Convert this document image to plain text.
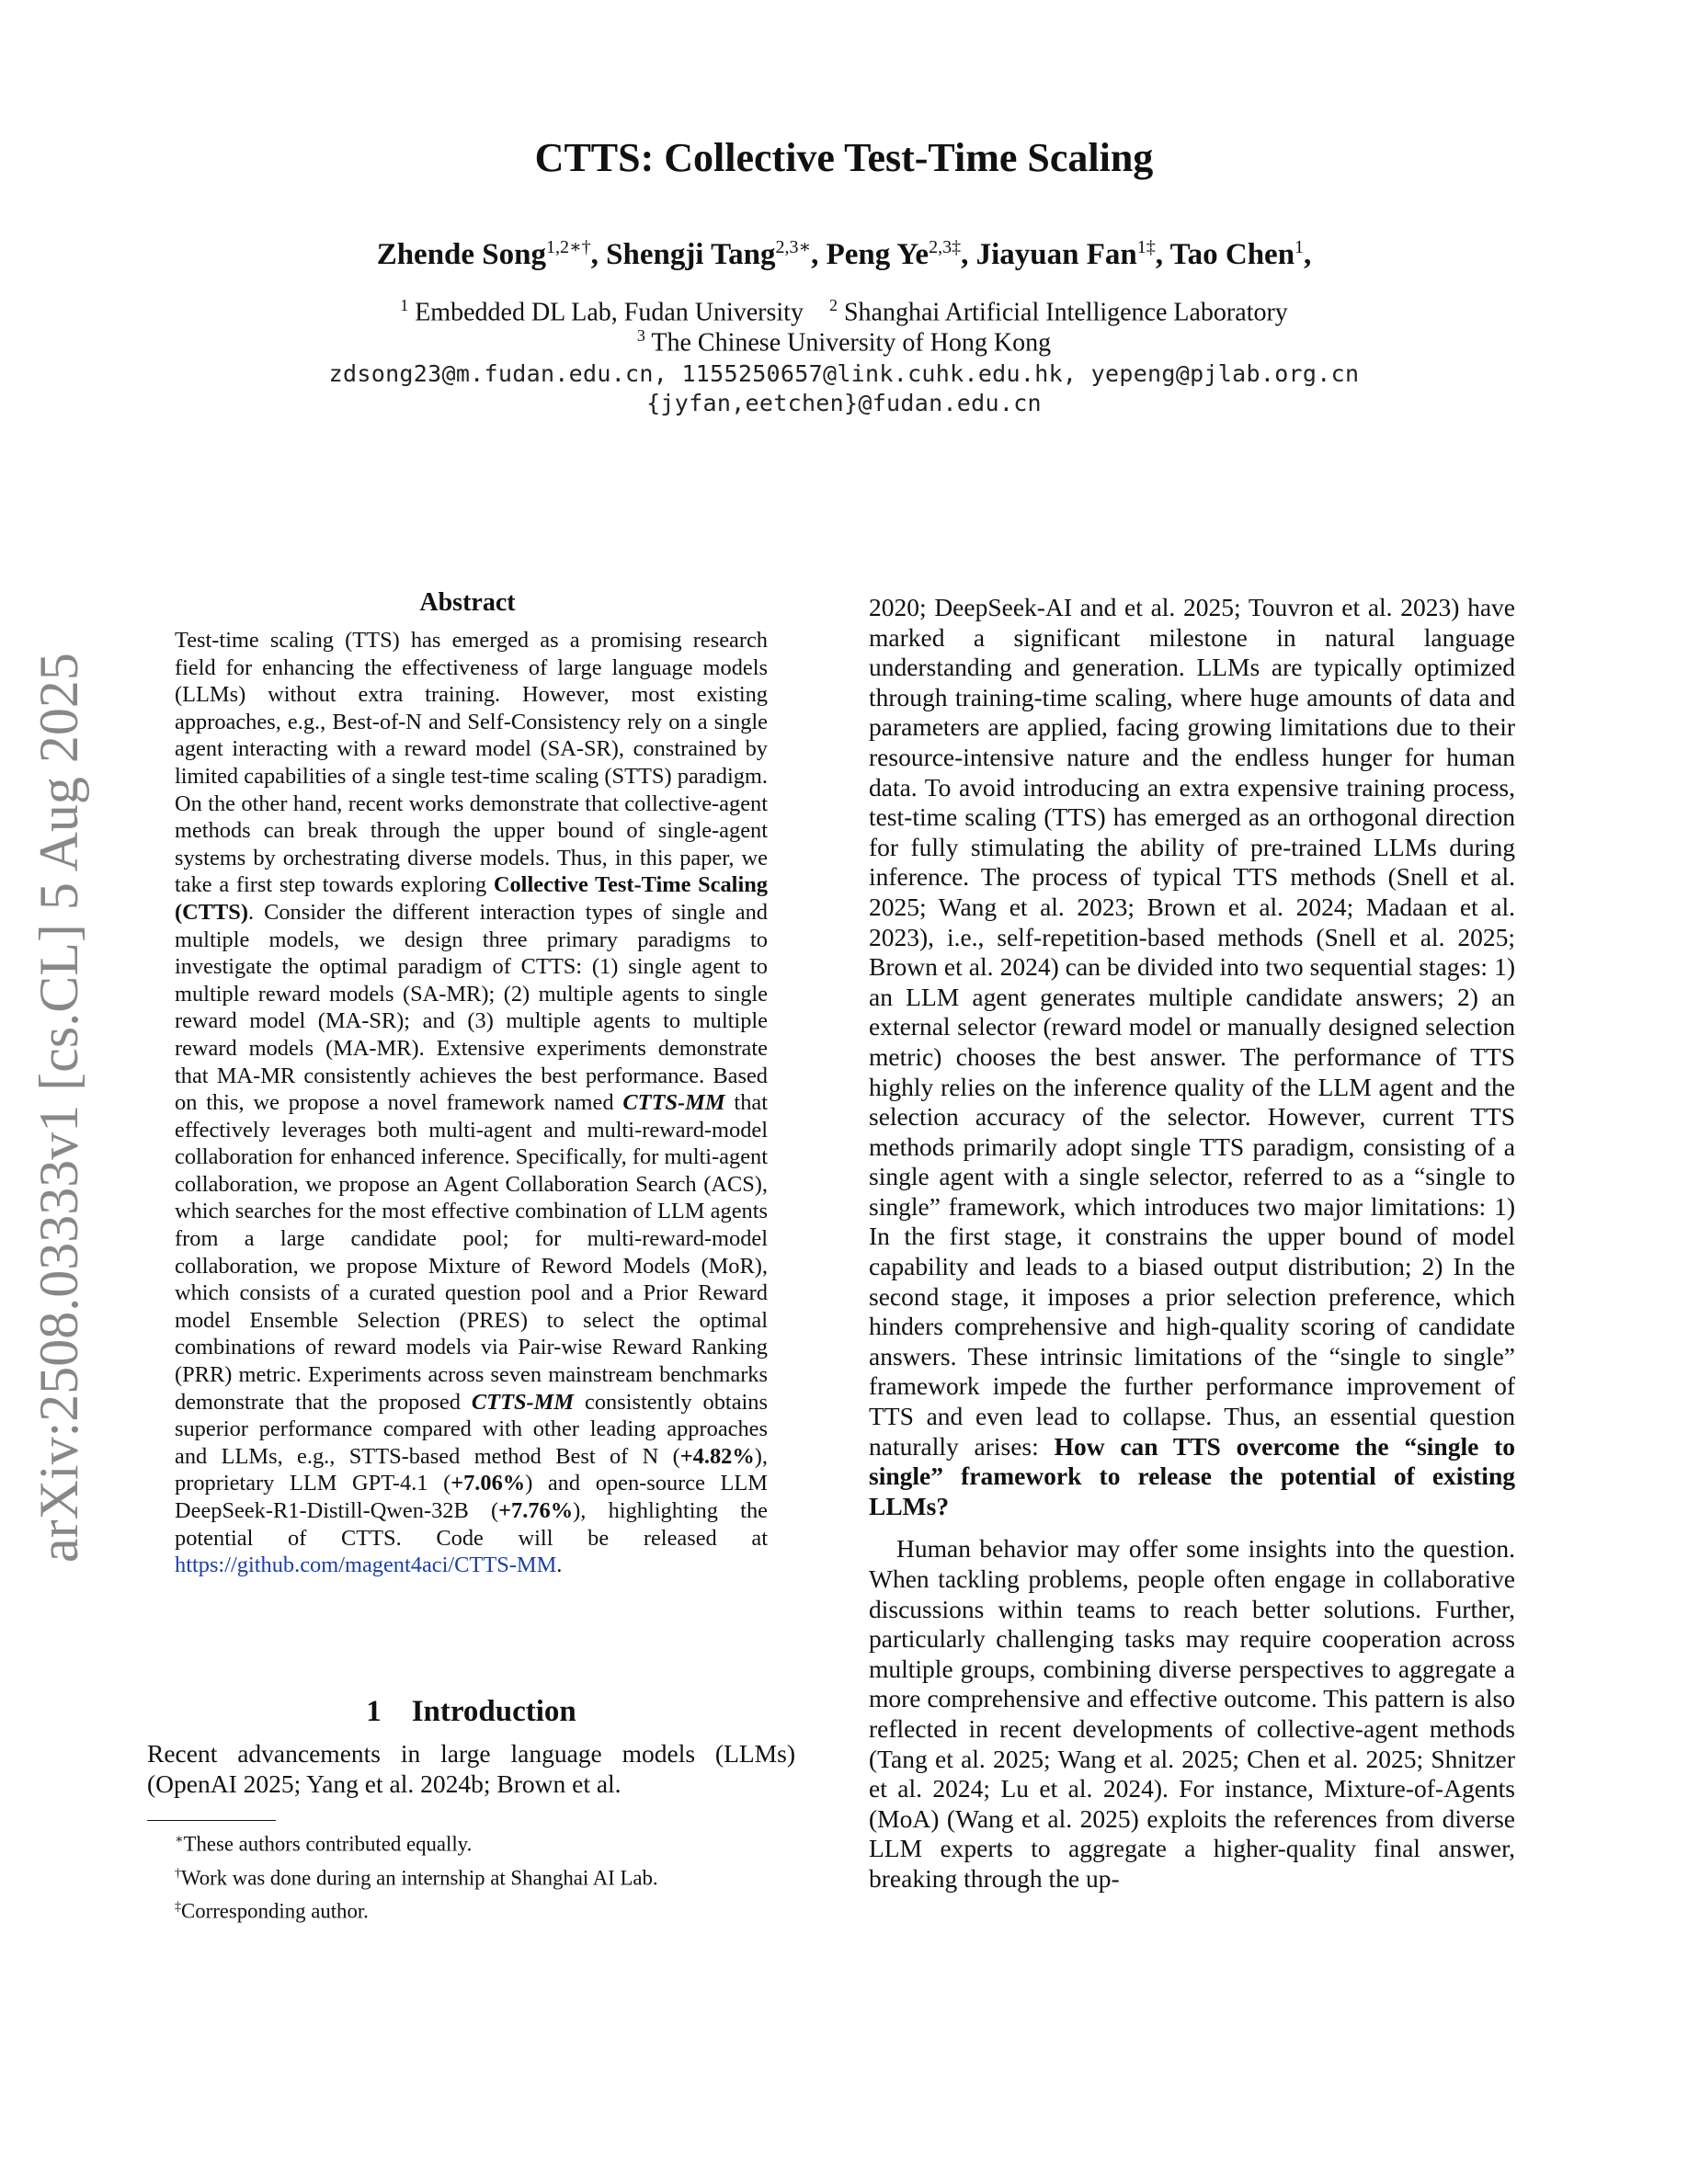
CTTS: Collective Test-Time Scaling
Zhende Song$^{1,2∗\dagger}$, Shengji Tang$^{2,3∗}$, Peng $Ye^{2,3\ddagger}$, Jiayuan Fan$^{1\ddagger}$, Tao Chen$^1$,
$^1$ Embedded DL Lab, Fudan University $^2$ Shanghai Artificial Intelligence Laboratory
$^3$ The Chinese University of Hong Kong
zdsong23@m.fudan.edu.cn, 1155250657@link.cuhk.edu.hk, yepeng@pjlab.org.cn
{jyfan,eetchen}@fudan.edu.cn
arXiv:2508.03333v1 [cs.CL] 5 Aug 2025
Abstract
Test-time scaling (TTS) has emerged as a promising research field for enhancing the effectiveness of large language models (LLMs) without extra training. However, most existing approaches, e.g., Best-of-N and Self-Consistency rely on a single agent interacting with a reward model (SA-SR), constrained by limited capabilities of a single test-time scaling (STTS) paradigm. On the other hand, recent works demonstrate that collective-agent methods can break through the upper bound of single-agent systems by orchestrating diverse models. Thus, in this paper, we take a first step towards exploring Collective Test-Time Scaling (CTTS). Consider the different interaction types of single and multiple models, we design three primary paradigms to investigate the optimal paradigm of CTTS: (1) single agent to multiple reward models (SA-MR); (2) multiple agents to single reward model (MA-SR); and (3) multiple agents to multiple reward models (MA-MR). Extensive experiments demonstrate that MA-MR consistently achieves the best performance. Based on this, we propose a novel framework named CTTS-MM that effectively leverages both multi-agent and multi-reward-model collaboration for enhanced inference. Specifically, for multi-agent collaboration, we propose an Agent Collaboration Search (ACS), which searches for the most effective combination of LLM agents from a large candidate pool; for multi-reward-model collaboration, we propose Mixture of Reword Models (MoR), which consists of a curated question pool and a Prior Reward model Ensemble Selection (PRES) to select the optimal combinations of reward models via Pair-wise Reward Ranking (PRR) metric. Experiments across seven mainstream benchmarks demonstrate that the proposed CTTS-MM consistently obtains superior performance compared with other leading approaches and LLMs, e.g., STTS-based method Best of N (+4.82%), proprietary LLM GPT-4.1 (+7.06%) and open-source LLM DeepSeek-R1-Distill-Qwen-32B (+7.76%), highlighting the potential of CTTS. Code will be released at https://github.com/magent4aci/CTTS-MM.
1    Introduction
Recent advancements in large language models (LLMs) (OpenAI 2025; Yang et al. 2024b; Brown et al.
∗These authors contributed equally.
†Work was done during an internship at Shanghai AI Lab.
‡Corresponding author.
2020; DeepSeek-AI and et al. 2025; Touvron et al. 2023) have marked a significant milestone in natural language understanding and generation. LLMs are typically optimized through training-time scaling, where huge amounts of data and parameters are applied, facing growing limitations due to their resource-intensive nature and the endless hunger for human data. To avoid introducing an extra expensive training process, test-time scaling (TTS) has emerged as an orthogonal direction for fully stimulating the ability of pre-trained LLMs during inference. The process of typical TTS methods (Snell et al. 2025; Wang et al. 2023; Brown et al. 2024; Madaan et al. 2023), i.e., self-repetition-based methods (Snell et al. 2025; Brown et al. 2024) can be divided into two sequential stages: 1) an LLM agent generates multiple candidate answers; 2) an external selector (reward model or manually designed selection metric) chooses the best answer. The performance of TTS highly relies on the inference quality of the LLM agent and the selection accuracy of the selector. However, current TTS methods primarily adopt single TTS paradigm, consisting of a single agent with a single selector, referred to as a “single to single” framework, which introduces two major limitations: 1) In the first stage, it constrains the upper bound of model capability and leads to a biased output distribution; 2) In the second stage, it imposes a prior selection preference, which hinders comprehensive and high-quality scoring of candidate answers. These intrinsic limitations of the “single to single” framework impede the further performance improvement of TTS and even lead to collapse. Thus, an essential question naturally arises: How can TTS overcome the “single to single” framework to release the potential of existing LLMs?
Human behavior may offer some insights into the question. When tackling problems, people often engage in collaborative discussions within teams to reach better solutions. Further, particularly challenging tasks may require cooperation across multiple groups, combining diverse perspectives to aggregate a more comprehensive and effective outcome. This pattern is also reflected in recent developments of collective-agent methods (Tang et al. 2025; Wang et al. 2025; Chen et al. 2025; Shnitzer et al. 2024; Lu et al. 2024). For instance, Mixture-of-Agents (MoA) (Wang et al. 2025) exploits the references from diverse LLM experts to aggregate a higher-quality final answer, breaking through the up-
